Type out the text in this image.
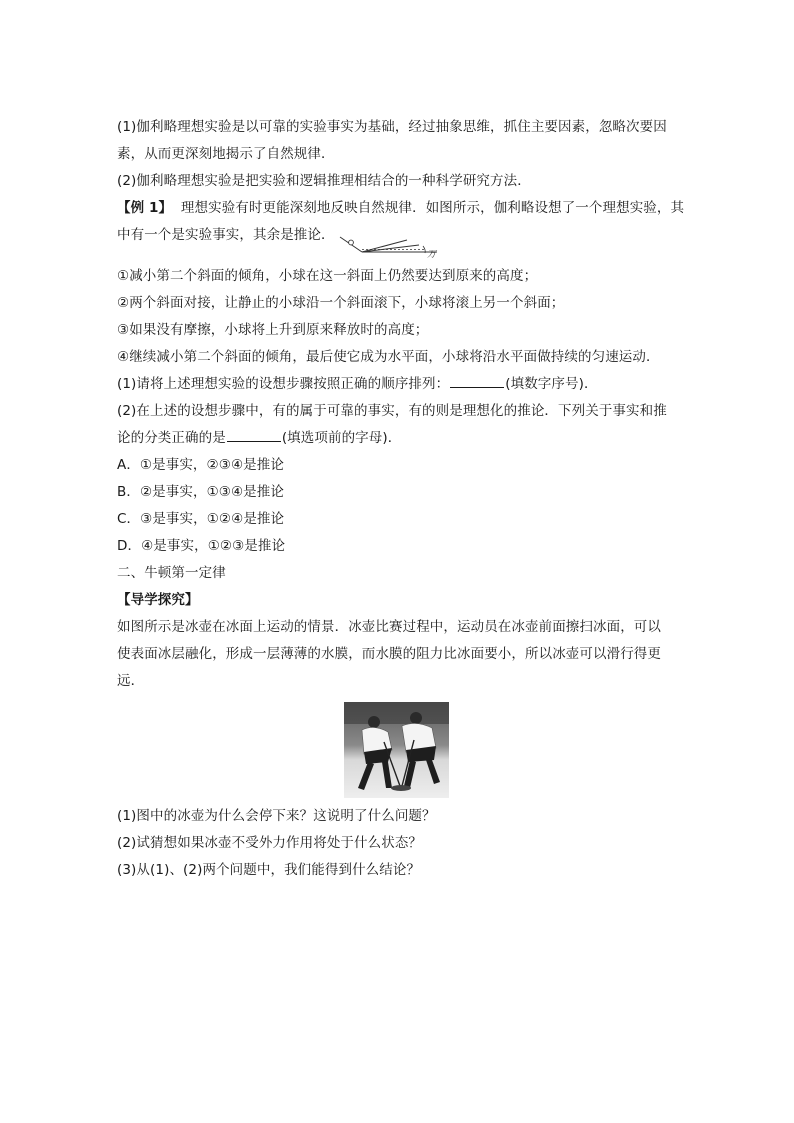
(1)伽利略理想实验是以可靠的实验事实为基础，经过抽象思维，抓住主要因素，忽略次要因
素，从而更深刻地揭示了自然规律．
(2)伽利略理想实验是把实验和逻辑推理相结合的一种科学研究方法．
【例 1】 理想实验有时更能深刻地反映自然规律．如图所示，伽利略设想了一个理想实验，其
中有一个是实验事实，其余是推论．
万
①减小第二个斜面的倾角，小球在这一斜面上仍然要达到原来的高度；
②两个斜面对接，让静止的小球沿一个斜面滚下，小球将滚上另一个斜面；
③如果没有摩擦，小球将上升到原来释放时的高度；
④继续减小第二个斜面的倾角，最后使它成为水平面，小球将沿水平面做持续的匀速运动．
(1)请将上述理想实验的设想步骤按照正确的顺序排列：	(填数字序号)．
(2)在上述的设想步骤中，有的属于可靠的事实，有的则是理想化的推论．下列关于事实和推
论的分类正确的是	(填选项前的字母)．
A．①是事实，②③④是推论
B．②是事实，①③④是推论
C．③是事实，①②④是推论
D．④是事实，①②③是推论
二、牛顿第一定律
【导学探究】
如图所示是冰壶在冰面上运动的情景．冰壶比赛过程中，运动员在冰壶前面擦扫冰面，可以
使表面冰层融化，形成一层薄薄的水膜，而水膜的阻力比冰面要小，所以冰壶可以滑行得更
远．
(1)图中的冰壶为什么会停下来？这说明了什么问题？
(2)试猜想如果冰壶不受外力作用将处于什么状态？
(3)从(1)、(2)两个问题中，我们能得到什么结论？
